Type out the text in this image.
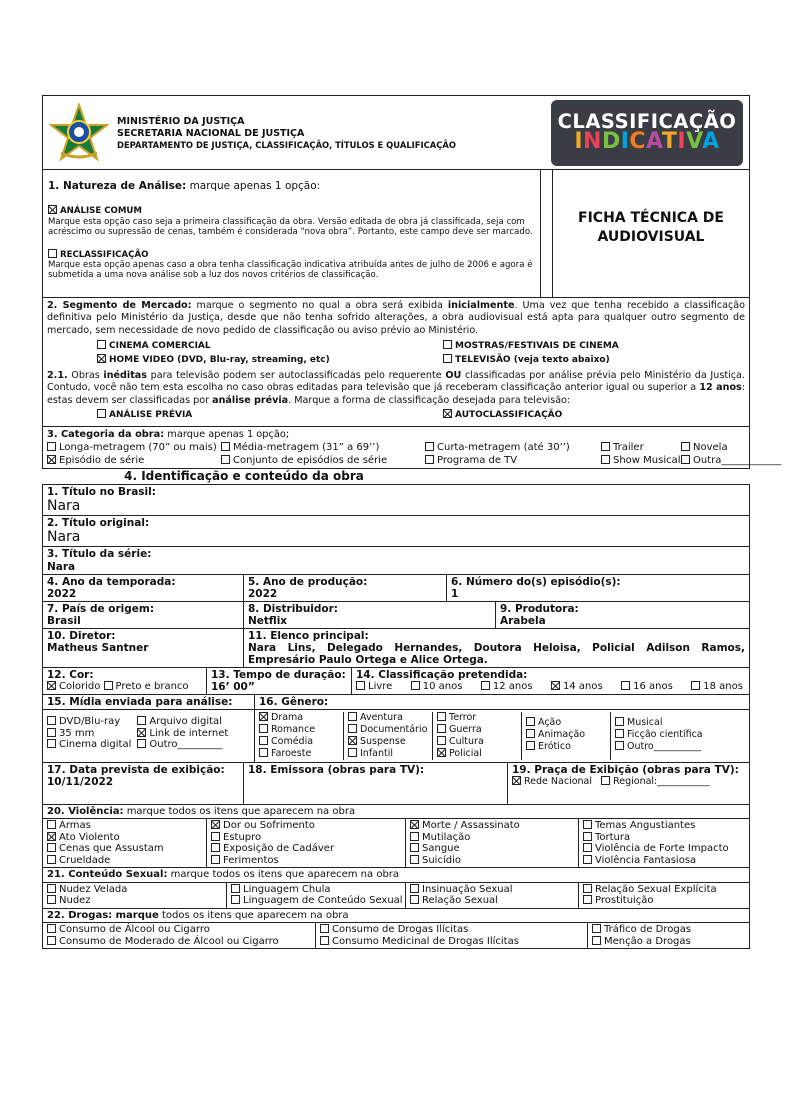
MINISTÉRIO DA JUSTIÇA
SECRETARIA NACIONAL DE JUSTIÇA
DEPARTAMENTO DE JUSTIÇA, CLASSIFICAÇÃO, TÍTULOS E QUALIFICAÇÃO
CLASSIFICAÇÃO
INDICATIVA
1. Natureza de Análise: marque apenas 1 opção:
ANÁLISE COMUM
Marque esta opção caso seja a primeira classificação da obra. Versão editada de obra já classificada, seja com acréscimo ou supressão de cenas, também é considerada “nova obra”. Portanto, este campo deve ser marcado.
RECLASSIFICAÇÃO
Marque esta opção apenas caso a obra tenha classificação indicativa atribuída antes de julho de 2006 e agora é submetida a uma nova análise sob a luz dos novos critérios de classificação.
FICHA TÉCNICA DE AUDIOVISUAL
2. Segmento de Mercado: marque o segmento no qual a obra será exibida inicialmente. Uma vez que tenha recebido a classificação definitiva pelo Ministério da Justiça, desde que não tenha sofrido alterações, a obra audiovisual está apta para qualquer outro segmento de mercado, sem necessidade de novo pedido de classificação ou aviso prévio ao Ministério.
CINEMA COMERCIAL	MOSTRAS/FESTIVAIS DE CINEMA
HOME VIDEO (DVD, Blu-ray, streaming, etc)	TELEVISÃO (veja texto abaixo)
2.1. Obras inéditas para televisão podem ser autoclassificadas pelo requerente OU classificadas por análise prévia pelo Ministério da Justiça. Contudo, você não tem esta escolha no caso obras editadas para televisão que já receberam classificação anterior igual ou superior a 12 anos: estas devem ser classificadas por análise prévia. Marque a forma de classificação desejada para televisão:
ANÁLISE PRÉVIA	AUTOCLASSIFICAÇÃO
3. Categoria da obra: marque apenas 1 opção;
Longa-metragem (70” ou mais)	Média-metragem (31” a 69’’)	Curta-metragem (até 30’’)	Trailer	Novela
Episódio de série	Conjunto de episódios de série	Programa de TV	Show Musical	Outra____________
4. Identificação e conteúdo da obra
1. Título no Brasil:
Nara
2. Título original:
Nara
3. Título da série:
Nara
4. Ano da temporada:
2022
5. Ano de produção:
2022
6. Número do(s) episódio(s):
1
7. País de origem:
Brasil
8. Distribuidor:
Netflix
9. Produtora:
Arabela
10. Diretor:
Matheus Santner
11. Elenco principal:
Nara Lins, Delegado Hernandes, Doutora Heloisa, Policial Adilson Ramos, Empresário Paulo Ortega e Alice Ortega.
12. Cor:
Colorido Preto e branco
13. Tempo de duração:
16’ 00”
14. Classificação pretendida:
Livre	10 anos	12 anos	14 anos	16 anos	18 anos
15. Mídia enviada para análise:	16. Gênero:
DVD/Blu-ray
35 mm
Cinema digital
Arquivo digital
Link de internet
Outro_________
Drama
Romance
Comédia
Faroeste
Aventura
Documentário
Suspense
Infantil
Terror
Guerra
Cultura
Policial
Ação
Animação
Erótico
Musical
Ficção científica
Outro__________
17. Data prevista de exibição:
10/11/2022
18. Emissora (obras para TV):	19. Praça de Exibição (obras para TV):
Rede Nacional Regional:___________
20. Violência: marque todos os itens que aparecem na obra
Armas
Ato Violento
Cenas que Assustam
Crueldade
Dor ou Sofrimento
Estupro
Exposição de Cadáver
Ferimentos
Morte / Assassinato
Mutilação
Sangue
Suicídio
Temas Angustiantes
Tortura
Violência de Forte Impacto
Violência Fantasiosa
21. Conteúdo Sexual: marque todos os itens que aparecem na obra
Nudez Velada
Nudez
Linguagem Chula
Linguagem de Conteúdo Sexual
Insinuação Sexual
Relação Sexual
Relação Sexual Explícita
Prostituição
22. Drogas: marque todos os itens que aparecem na obra
Consumo de Álcool ou Cigarro
Consumo de Moderado de Álcool ou Cigarro
Consumo de Drogas Ilícitas
Consumo Medicinal de Drogas Ilícitas
Tráfico de Drogas
Menção a Drogas
